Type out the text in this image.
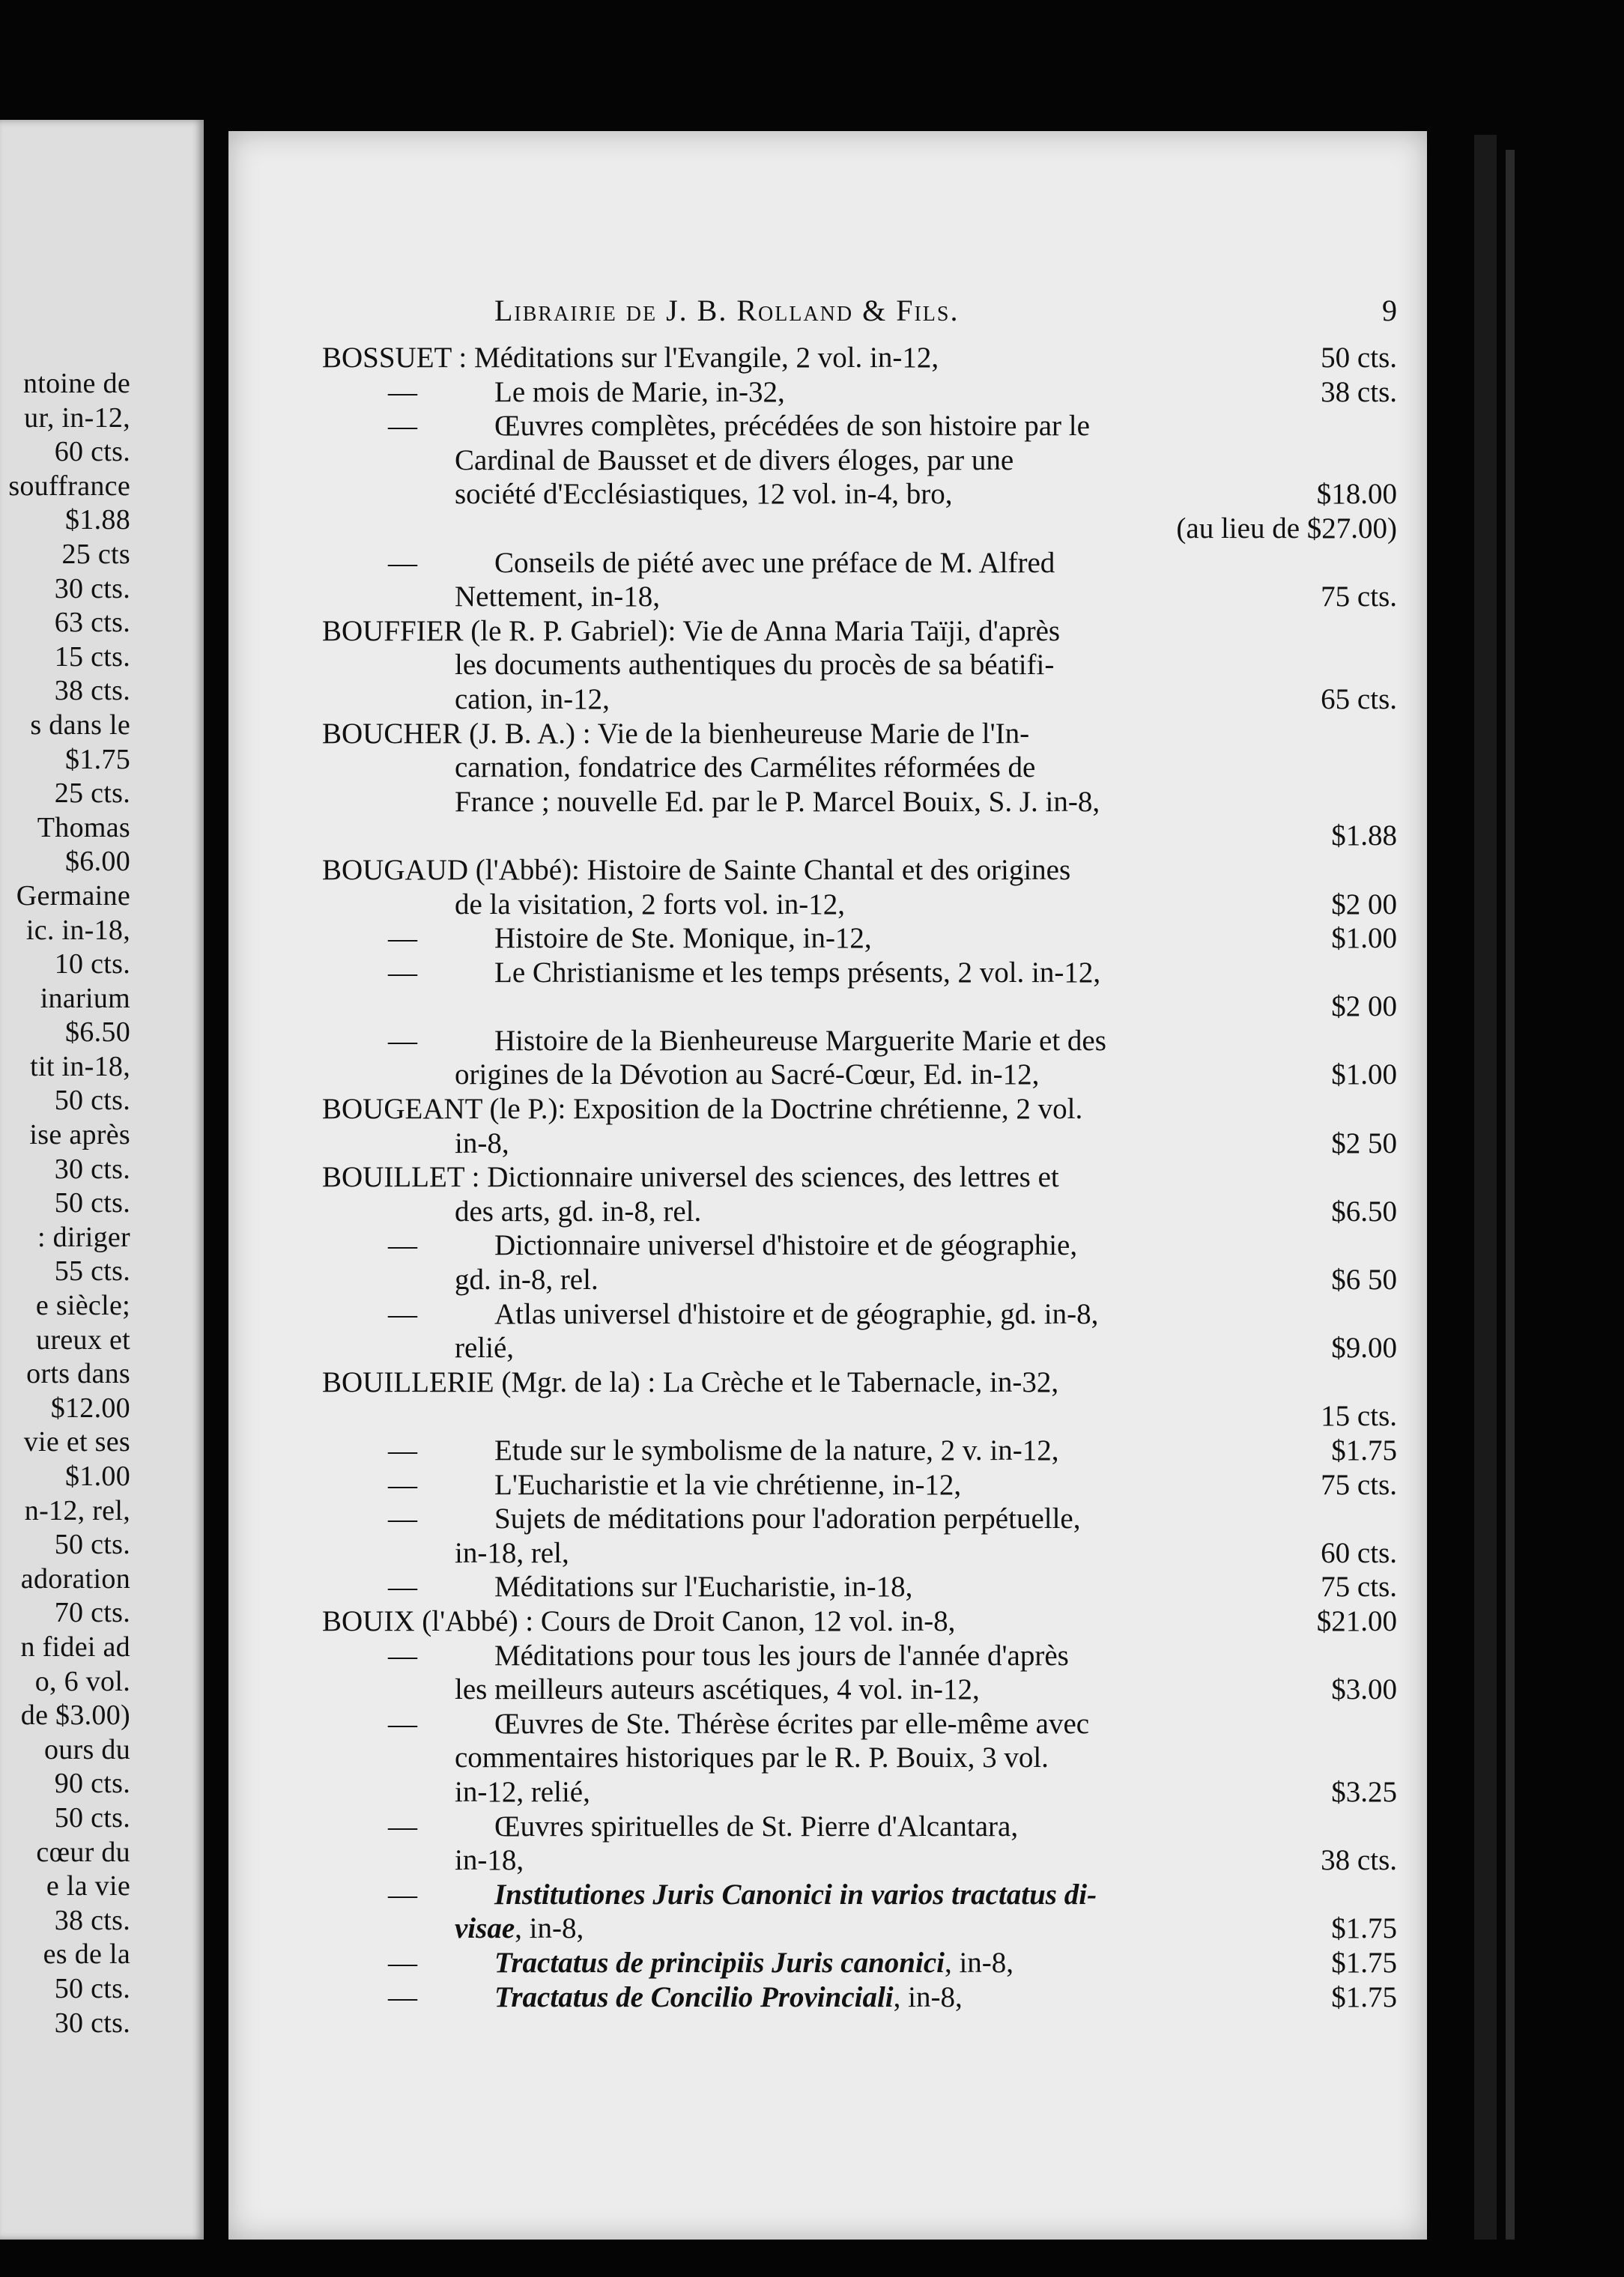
ntoine de
ur, in-12,
60 cts.
souffrance
$1.88
25 cts
30 cts.
63 cts.
15 cts.
38 cts.
s dans le
$1.75
25 cts.
Thomas
$6.00
Germaine
ic. in-18,
10 cts.
inarium
$6.50
tit in-18,
50 cts.
ise après
30 cts.
50 cts.
: diriger
55 cts.
e siècle;
ureux et
orts dans
$12.00
vie et ses
$1.00
n-12, rel,
50 cts.
adoration
70 cts.
n fidei ad
o, 6 vol.
de $3.00)
ours du
90 cts.
50 cts.
cœur du
e la vie
38 cts.
es de la
50 cts.
30 cts.
Librairie de J. B. Rolland & Fils.	9
BOSSUET : Méditations sur l'Evangile, 2 vol. in-12,	50 cts.
—	Le mois de Marie, in-32,	38 cts.
—	Œuvres complètes, précédées de son histoire par le
Cardinal de Bausset et de divers éloges, par une
société d'Ecclésiastiques, 12 vol. in-4, bro,	$18.00
(au lieu de $27.00)
—	Conseils de piété avec une préface de M. Alfred
Nettement, in-18,	75 cts.
BOUFFIER (le R. P. Gabriel): Vie de Anna Maria Taïji, d'après
les documents authentiques du procès de sa béatifi-
cation, in-12,	65 cts.
BOUCHER (J. B. A.) : Vie de la bienheureuse Marie de l'In-
carnation, fondatrice des Carmélites réformées de
France ; nouvelle Ed. par le P. Marcel Bouix, S. J. in-8,
$1.88
BOUGAUD (l'Abbé): Histoire de Sainte Chantal et des origines
de la visitation, 2 forts vol. in-12,	$2 00
—	Histoire de Ste. Monique, in-12,	$1.00
—	Le Christianisme et les temps présents, 2 vol. in-12,
$2 00
—	Histoire de la Bienheureuse Marguerite Marie et des
origines de la Dévotion au Sacré-Cœur, Ed. in-12,	$1.00
BOUGEANT (le P.): Exposition de la Doctrine chrétienne, 2 vol.
in-8,	$2 50
BOUILLET : Dictionnaire universel des sciences, des lettres et
des arts, gd. in-8, rel.	$6.50
—	Dictionnaire universel d'histoire et de géographie,
gd. in-8, rel.	$6 50
—	Atlas universel d'histoire et de géographie, gd. in-8,
relié,	$9.00
BOUILLERIE (Mgr. de la) : La Crèche et le Tabernacle, in-32,
15 cts.
—	Etude sur le symbolisme de la nature, 2 v. in-12,	$1.75
—	L'Eucharistie et la vie chrétienne, in-12,	75 cts.
—	Sujets de méditations pour l'adoration perpétuelle,
in-18, rel,	60 cts.
—	Méditations sur l'Eucharistie, in-18,	75 cts.
BOUIX (l'Abbé) : Cours de Droit Canon, 12 vol. in-8,	$21.00
—	Méditations pour tous les jours de l'année d'après
les meilleurs auteurs ascétiques, 4 vol. in-12,	$3.00
—	Œuvres de Ste. Thérèse écrites par elle-même avec
commentaires historiques par le R. P. Bouix, 3 vol.
in-12, relié,	$3.25
—	Œuvres spirituelles de St. Pierre d'Alcantara,
in-18,	38 cts.
—	Institutiones Juris Canonici in varios tractatus di-
visae, in-8,	$1.75
—	Tractatus de principiis Juris canonici, in-8,	$1.75
—	Tractatus de Concilio Provinciali, in-8,	$1.75
